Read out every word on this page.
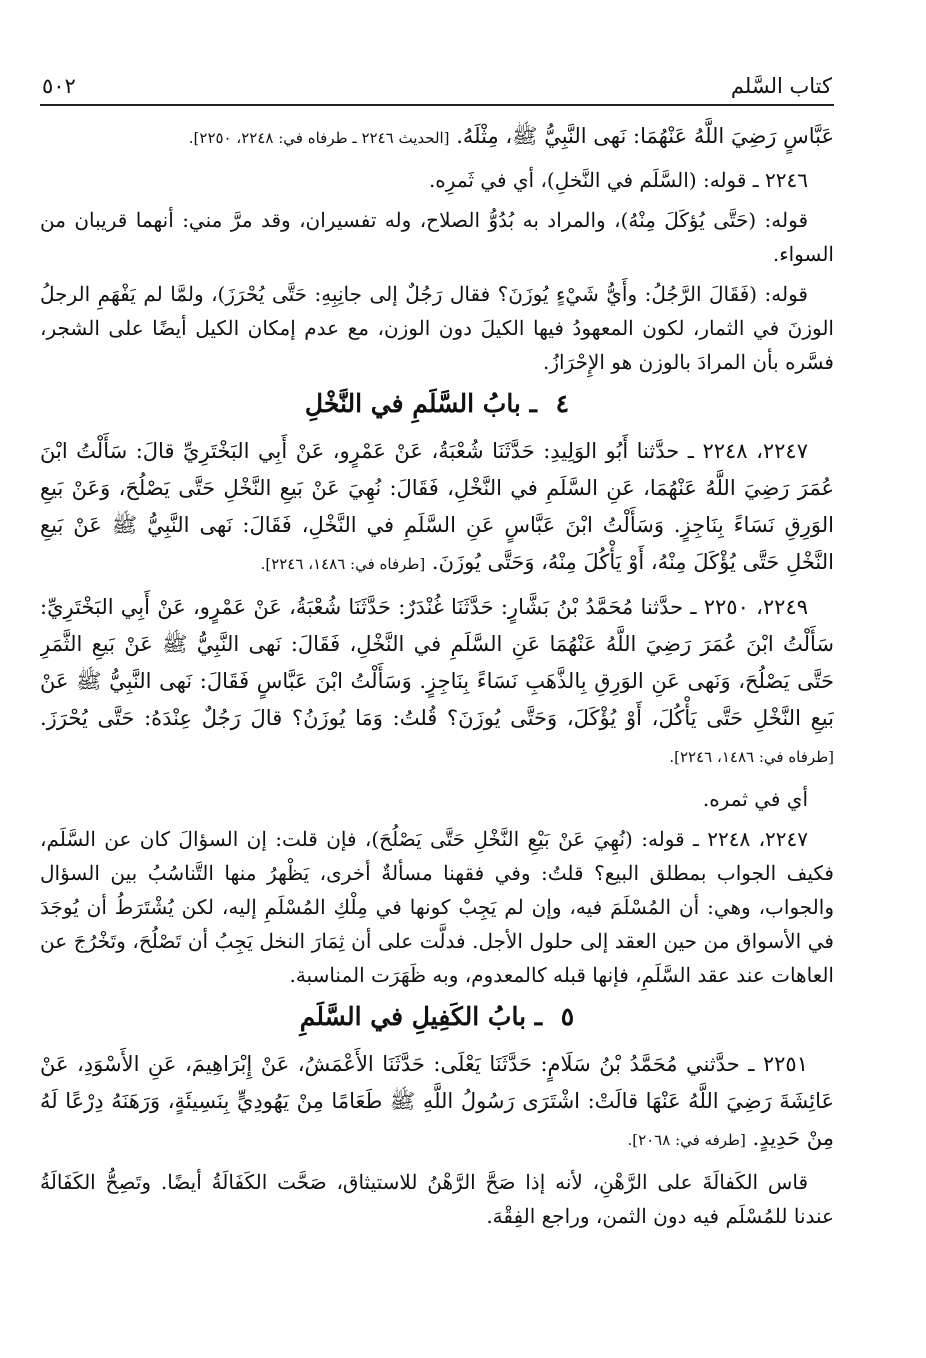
كتاب السَّلم
٥٠٢

عَبَّاسٍ رَضِيَ اللَّهُ عَنْهُمَا: نَهى النَّبِيُّ ﷺ، مِثْلَهُ. [الحديث ٢٢٤٦ ـ طرفاه في: ٢٢٤٨، ٢٢٥٠].

٢٢٤٦ ـ قوله: (السَّلَم في النَّخلِ)، أي في ثَمرِه.

قوله: (حَتَّى يُؤكَلَ مِنْهُ)، والمراد به بُدُوُّ الصلاح، وله تفسيران، وقد مرَّ مني: أنهما قريبان من السواء.

قوله: (فَقَالَ الرَّجُلُ: وأَيُّ شَيْءٍ يُوزَنَ؟ فقال رَجُلٌ إلى جانِبِهِ: حَتَّى يُحْرَزَ)، ولمَّا لم يَفْهَمِ الرجلُ الوزنَ في الثمار، لكون المعهودُ فيها الكيلَ دون الوزن، مع عدم إمكان الكيل أيضًا على الشجر، فسَّره بأن المرادَ بالوزن هو الإِحْرَازُ.

٤ ـ بابُ السَّلَمِ في النَّخْلِ

٢٢٤٧، ٢٢٤٨ ـ حدَّثنا أَبُو الوَلِيدِ: حَدَّثَنَا شُعْبَةُ، عَنْ عَمْرٍو، عَنْ أَبِي البَخْتَرِيِّ قالَ: سَأَلْتُ ابْنَ عُمَرَ رَضِيَ اللَّهُ عَنْهُمَا، عَنِ السَّلَمِ في النَّخْلِ، فَقَالَ: نُهِيَ عَنْ بَيعِ النَّخْلِ حَتَّى يَصْلُحَ، وَعَنْ بَيعِ الوَرِقِ نَسَاءً بِنَاجِزٍ. وَسَأَلْتُ ابْنَ عَبَّاسٍ عَنِ السَّلَمِ في النَّخْلِ، فَقَالَ: نَهى النَّبِيُّ ﷺ عَنْ بَيعِ النَّخْلِ حَتَّى يُؤْكَلَ مِنْهُ، أَوْ يَأْكُلَ مِنْهُ، وَحَتَّى يُوزَنَ. [طرفاه في: ١٤٨٦، ٢٢٤٦].

٢٢٤٩، ٢٢٥٠ ـ حدَّثنا مُحَمَّدُ بْنُ بَشَّارٍ: حَدَّثَنَا غُنْدَرٌ: حَدَّثَنَا شُعْبَةُ، عَنْ عَمْرٍو، عَنْ أَبِي البَخْتَرِيِّ: سَأَلْتُ ابْنَ عُمَرَ رَضِيَ اللَّهُ عَنْهُمَا عَنِ السَّلَمِ في النَّخْلِ، فَقَالَ: نَهى النَّبِيُّ ﷺ عَنْ بَيعِ الثَّمَرِ حَتَّى يَصْلُحَ، وَنَهى عَنِ الوَرِقِ بِالذَّهَبِ نَسَاءً بِنَاجِزٍ. وَسَأَلْتُ ابْنَ عَبَّاسٍ فَقَالَ: نَهى النَّبِيُّ ﷺ عَنْ بَيعِ النَّخْلِ حَتَّى يَأْكُلَ، أَوْ يُؤْكَلَ، وَحَتَّى يُوزَنَ؟ قُلتُ: وَمَا يُوزَنُ؟ قالَ رَجُلٌ عِنْدَهُ: حَتَّى يُحْرَزَ. [طرفاه في: ١٤٨٦، ٢٢٤٦].

أي في ثمره.

٢٢٤٧، ٢٢٤٨ ـ قوله: (نُهِيَ عَنْ بَيْعِ النَّخْلِ حَتَّى يَصْلُحَ)، فإن قلت: إن السؤالَ كان عن السَّلَم، فكيف الجواب بمطلق البيع؟ قلتُ: وفي فقهنا مسألةٌ أخرى، يَظْهرُ منها التَّناسُبُ بين السؤال والجواب، وهي: أن المُسْلَمَ فيه، وإن لم يَجِبْ كونها في مِلْكِ المُسْلَمِ إليه، لكن يُشْتَرَطُ أن يُوجَدَ في الأسواق من حين العقد إلى حلول الأجل. فدلَّت على أن ثِمَارَ النخل يَجِبُ أن تَصْلُحَ، وتَخْرُجَ عن العاهات عند عقد السَّلَمِ، فإنها قبله كالمعدوم، وبه ظَهَرَت المناسبة.

٥ ـ بابُ الكَفِيلِ في السَّلَمِ

٢٢٥١ ـ حدَّثني مُحَمَّدُ بْنُ سَلَامٍ: حَدَّثَنَا يَعْلَى: حَدَّثَنَا الأَعْمَشُ، عَنْ إِبْرَاهِيمَ، عَنِ الأَسْوَدِ، عَنْ عَائِشَةَ رَضِيَ اللَّهُ عَنْهَا قالَتْ: اشْتَرَى رَسُولُ اللَّهِ ﷺ طَعَامًا مِنْ يَهُودِيٍّ بِنَسِيئَةٍ، وَرَهَنَهُ دِرْعًا لَهُ مِنْ حَدِيدٍ. [طرفه في: ٢٠٦٨].

قاس الكَفالَةَ على الرَّهْنِ، لأنه إذا صَحَّ الرَّهْنُ للاستيثاق، صَحَّت الكَفَالَةُ أيضًا. وتَصِحُّ الكَفَالَةُ عندنا للمُسْلَم فيه دون الثمن، وراجع الفِقْهَ.
